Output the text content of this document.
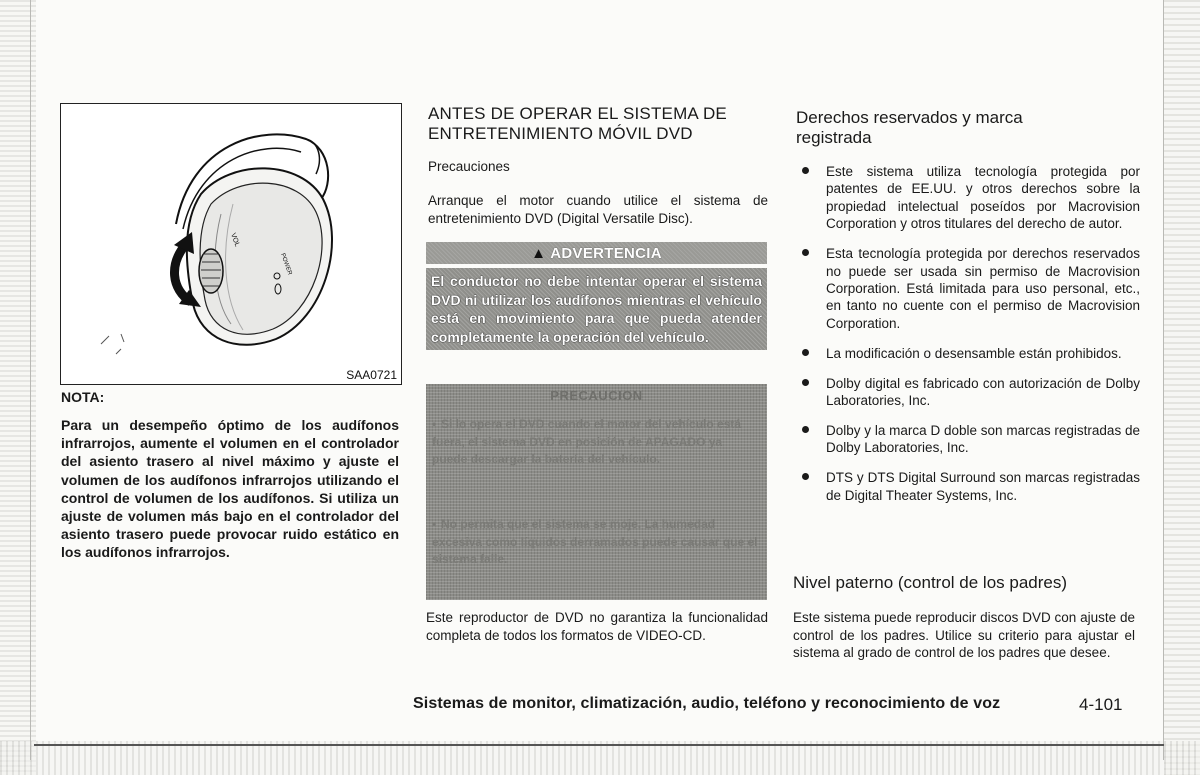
VOL
POWER
SAA0721
NOTA:
Para un desempeño óptimo de los audífonos infrarrojos, aumente el volumen en el controlador del asiento trasero al nivel máximo y ajuste el volumen de los audífonos infrarrojos utilizando el control de volumen de los audífonos. Si utiliza un ajuste de volumen más bajo en el controlador del asiento trasero puede provocar ruido estático en los audífonos infrarrojos.
ANTES DE OPERAR EL SISTEMA DE ENTRETENIMIENTO MÓVIL DVD
Precauciones
Arranque el motor cuando utilice el sistema de entretenimiento DVD (Digital Versatile Disc).
▲ ADVERTENCIA
El conductor no debe intentar operar el sistema DVD ni utilizar los audífonos mientras el vehículo está en movimiento para que pueda atender completamente la operación del vehículo.
PRECAUCION
• Si lo opera el DVD cuando el motor del vehículo está fuera, el sistema DVD en posición de APAGADO ya puede descargar la batería del vehículo.
• No permita que el sistema se moje. La humedad excesiva como líquidos derramados puede causar que el sistema falle.
Este reproductor de DVD no garantiza la funcionalidad completa de todos los formatos de VIDEO-CD.
Derechos reservados y marca registrada
Este sistema utiliza tecnología protegida por patentes de EE.UU. y otros derechos sobre la propiedad intelectual poseídos por Macrovision Corporation y otros titulares del derecho de autor.
Esta tecnología protegida por derechos reservados no puede ser usada sin permiso de Macrovision Corporation. Está limitada para uso personal, etc., en tanto no cuente con el permiso de Macrovision Corporation.
La modificación o desensamble están prohibidos.
Dolby digital es fabricado con autorización de Dolby Laboratories, Inc.
Dolby y la marca D doble son marcas registradas de Dolby Laboratories, Inc.
DTS y DTS Digital Surround son marcas registradas de Digital Theater Systems, Inc.
Nivel paterno (control de los padres)
Este sistema puede reproducir discos DVD con ajuste de control de los padres. Utilice su criterio para ajustar el sistema al grado de control de los padres que desee.
Sistemas de monitor, climatización, audio, teléfono y reconocimiento de voz	4-101
